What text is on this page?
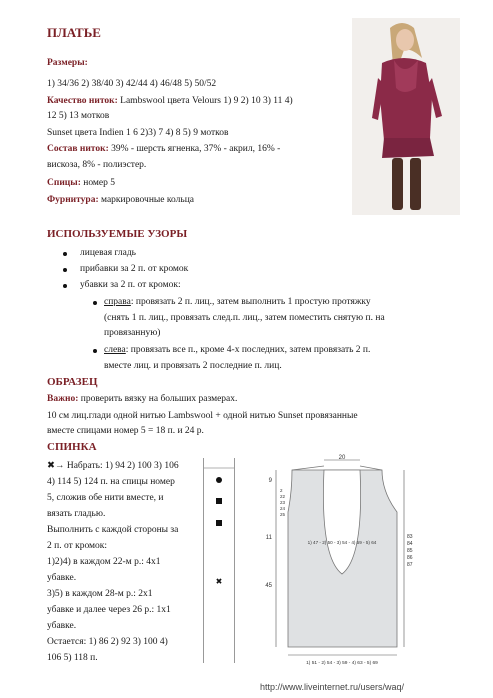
ПЛАТЬЕ
Размеры:
1) 34/36 2) 38/40 3) 42/44 4) 46/48 5) 50/52
Качество ниток: Lambswool цвета Velours 1) 9 2) 10 3) 11 4)
12 5) 13 мотков
Sunset цвета Indien 1 6 2)3) 7 4) 8 5) 9 мотков
Состав ниток: 39% - шерсть ягненка, 37% - акрил, 16% -
вискоза, 8% - полиэстер.
Спицы: номер 5
Фурнитура: маркировочные кольца
ИСПОЛЬЗУЕМЫЕ УЗОРЫ
лицевая гладь
прибавки за 2 п. от кромок
убавки за 2 п. от кромок:
справа: провязать 2 п. лиц., затем выполнить 1 простую протяжку
(снять 1 п. лиц., провязать след.п. лиц., затем поместить снятую п. на
провязанную)
слева: провязать все п., кроме 4-х последних, затем провязать 2 п.
вместе лиц. и провязать 2 последние п. лиц.
ОБРАЗЕЦ
Важно: проверить вязку на больших размерах.
10 см лиц.глади одной нитью Lambswool + одной нитью Sunset провязанные
вместе спицами номер 5 = 18 п. и 24 р.
СПИНКА
✖→ Набрать: 1) 94 2) 100 3) 106
4) 114 5) 124 п. на спицы номер
5, сложив обе нити вместе, и
вязать гладью.
Выполнить с каждой стороны за
2 п. от кромок:
1)2)4) в каждом 22-м р.: 4х1
убавке.
3)5) в каждом 28-м р.: 2х1
убавке и далее через 26 р.: 1х1
убавке.
Остается: 1) 86 2) 92 3) 100 4)
106 5) 118 п.
✖
20
9
11
45
1) 47 - 2) 50 - 3) 54 - 4) 59 - 5) 64
83
84
85
86
87
2
22
23
24
25
1) 51 - 2) 54 - 3) 59 - 4) 63 - 5) 69
http://www.liveinternet.ru/users/waq/
